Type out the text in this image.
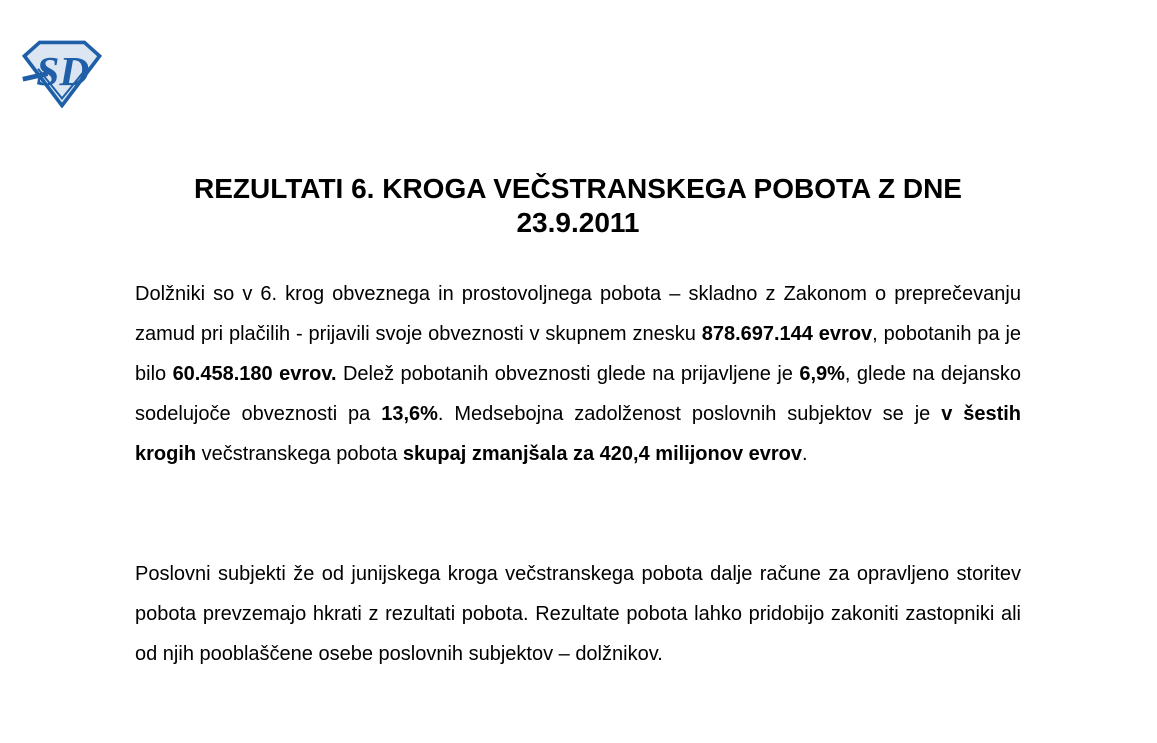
SD
REZULTATI 6. KROGA VEČSTRANSKEGA POBOTA Z DNE
23.9.2011

Dolžniki so v 6. krog obveznega in prostovoljnega pobota – skladno z Zakonom o preprečevanju zamud pri plačilih - prijavili svoje obveznosti v skupnem znesku 878.697.144 evrov, pobotanih pa je bilo 60.458.180 evrov. Delež pobotanih obveznosti glede na prijavljene je 6,9%, glede na dejansko sodelujoče obveznosti pa 13,6%. Medsebojna zadolženost poslovnih subjektov se je v šestih krogih večstranskega pobota skupaj zmanjšala za 420,4 milijonov evrov.

Poslovni subjekti že od junijskega kroga večstranskega pobota dalje račune za opravljeno storitev pobota prevzemajo hkrati z rezultati pobota. Rezultate pobota lahko pridobijo zakoniti zastopniki ali od njih pooblaščene osebe poslovnih subjektov – dolžnikov.
